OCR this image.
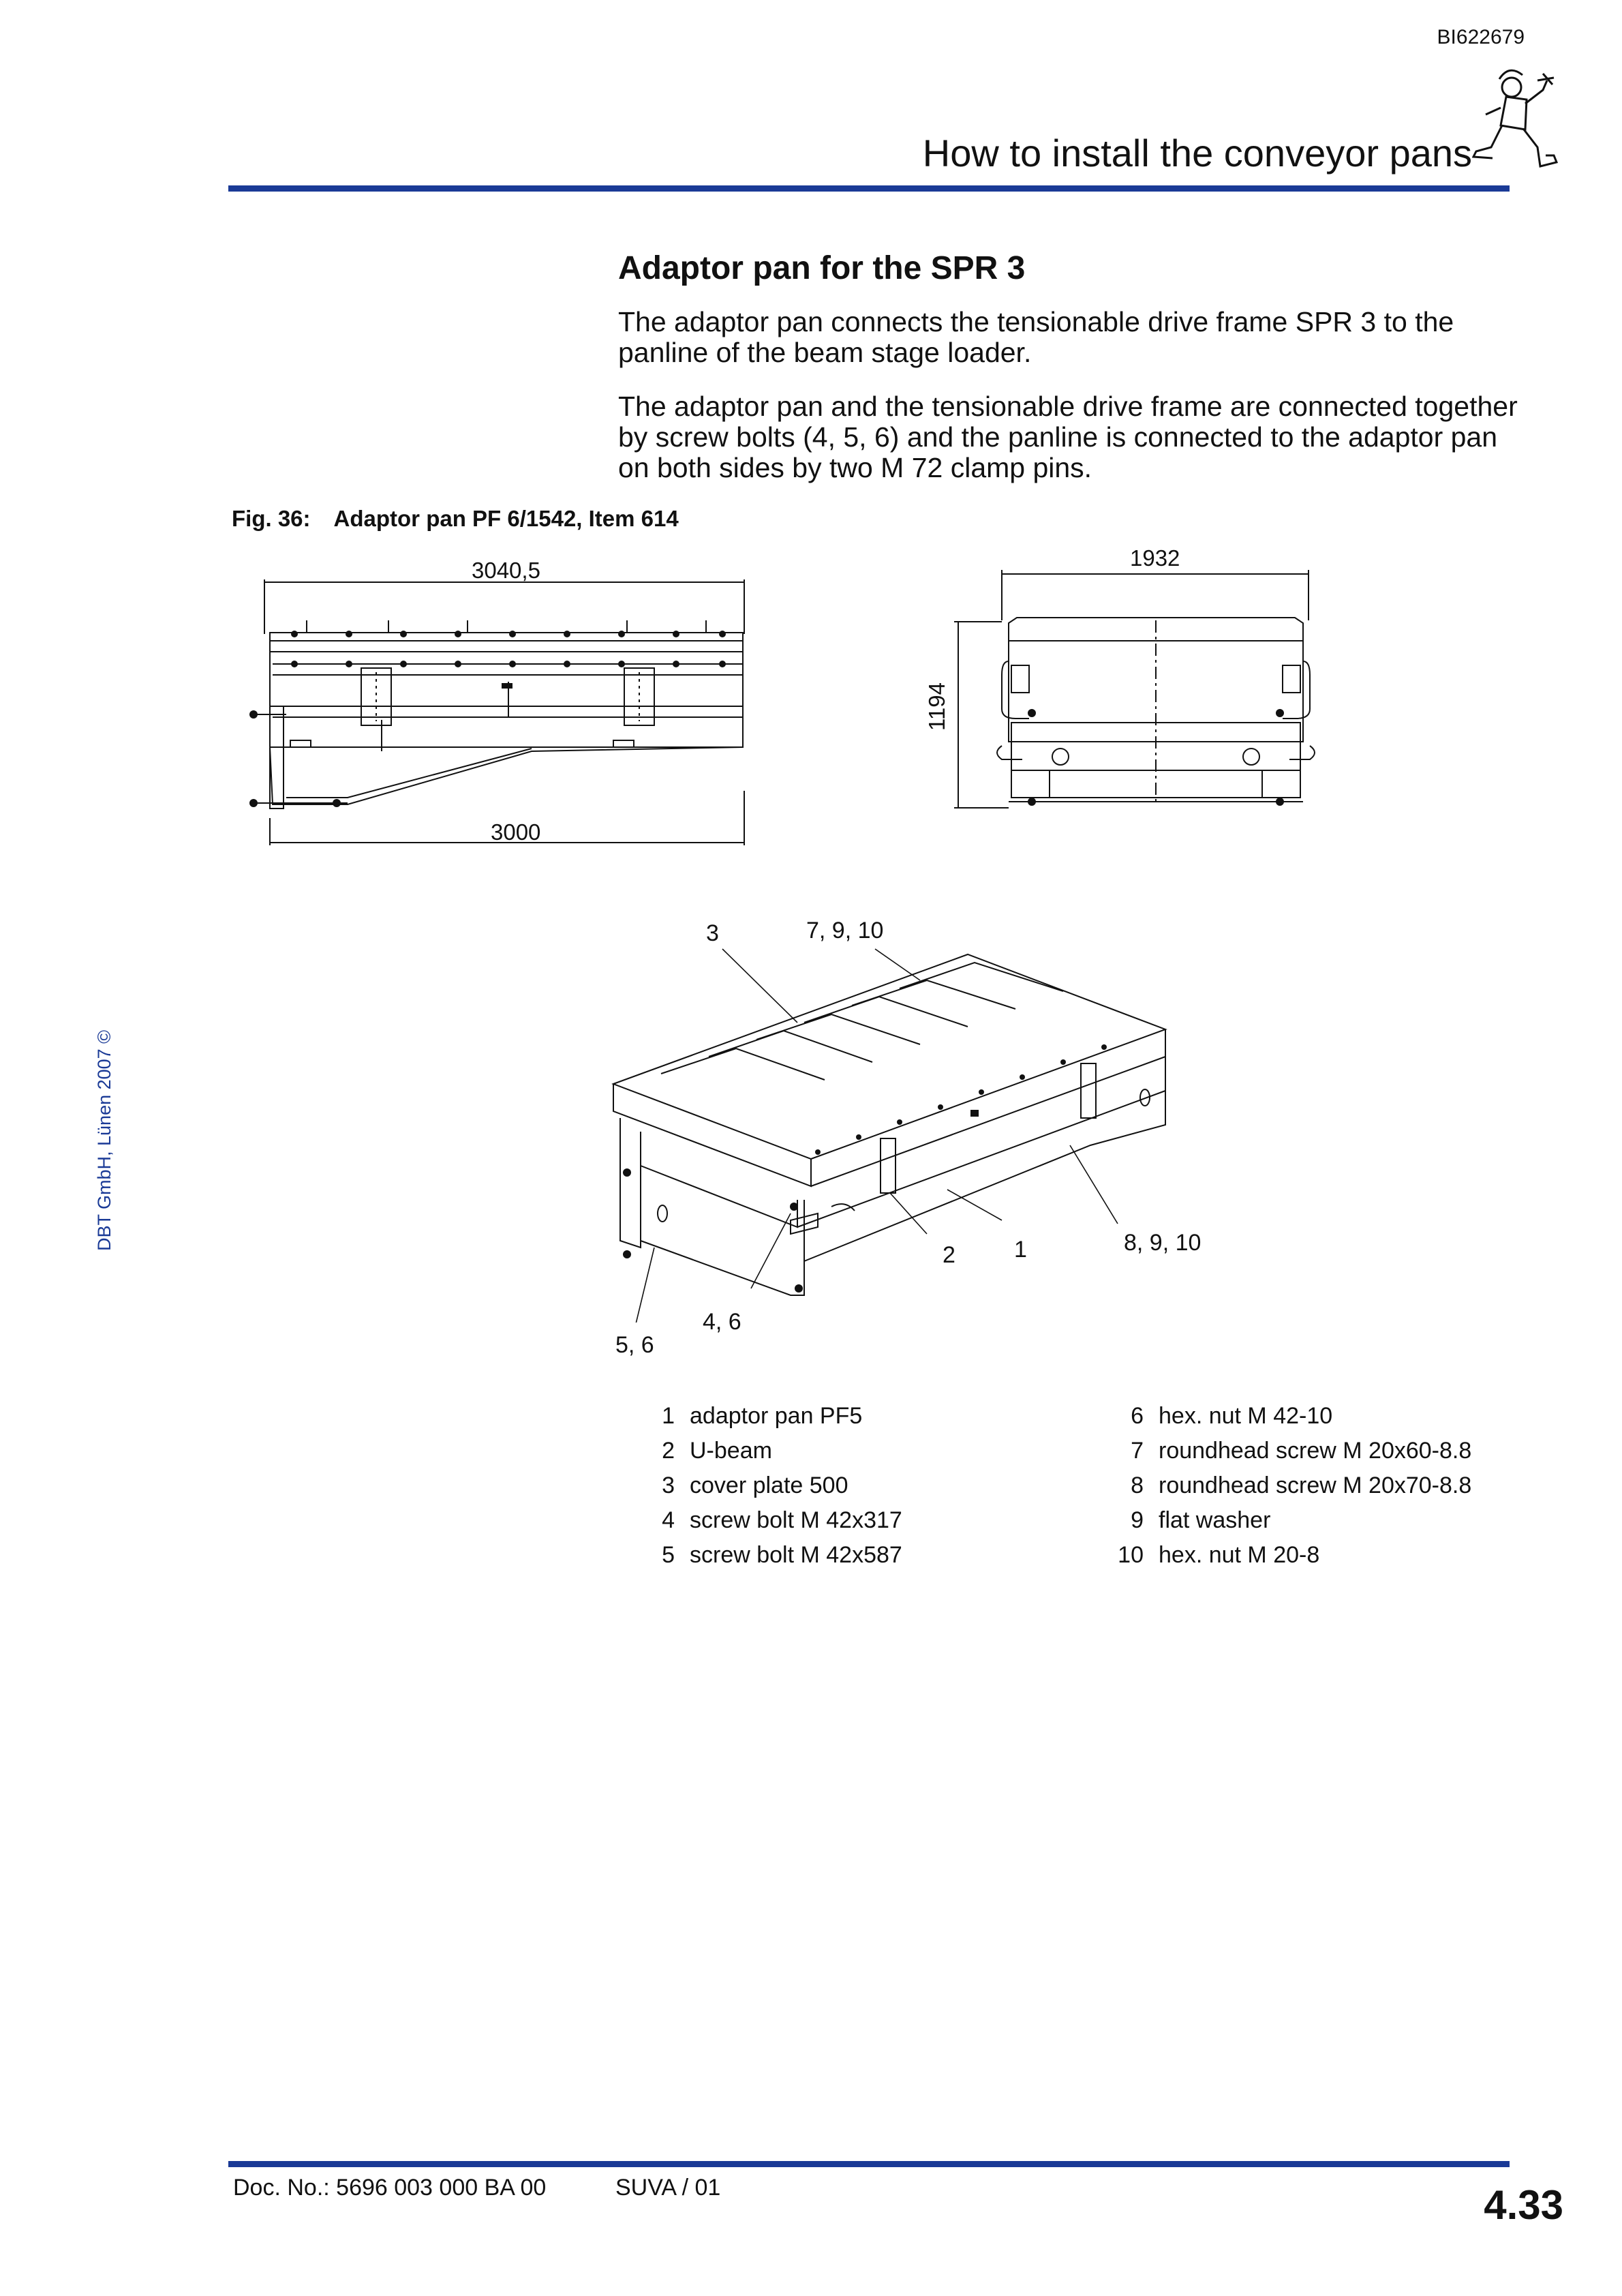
BI622679
How to install the conveyor pans
Adaptor pan for the SPR 3
The adaptor pan connects the tensionable drive frame SPR 3 to the panline of the beam stage loader.
The adaptor pan and the tensionable drive frame are connected together by screw bolts (4, 5, 6) and the panline is connected to the adaptor pan on both sides by two M 72 clamp pins.
Fig. 36: Adaptor pan PF 6/1542, Item 614
3040,5
3000
1932
1194
3	7, 9, 10
2	1	8, 9, 10
4, 6
5, 6
1 adaptor pan PF5
2 U-beam
3 cover plate 500
4 screw bolt M 42x317
5 screw bolt M 42x587
6 hex. nut M 42-10
7 roundhead screw M 20x60-8.8
8 roundhead screw M 20x70-8.8
9 flat washer
10 hex. nut M 20-8
DBT GmbH, Lünen 2007 ©
Doc. No.: 5696 003 000 BA 00	SUVA / 01	4.33
